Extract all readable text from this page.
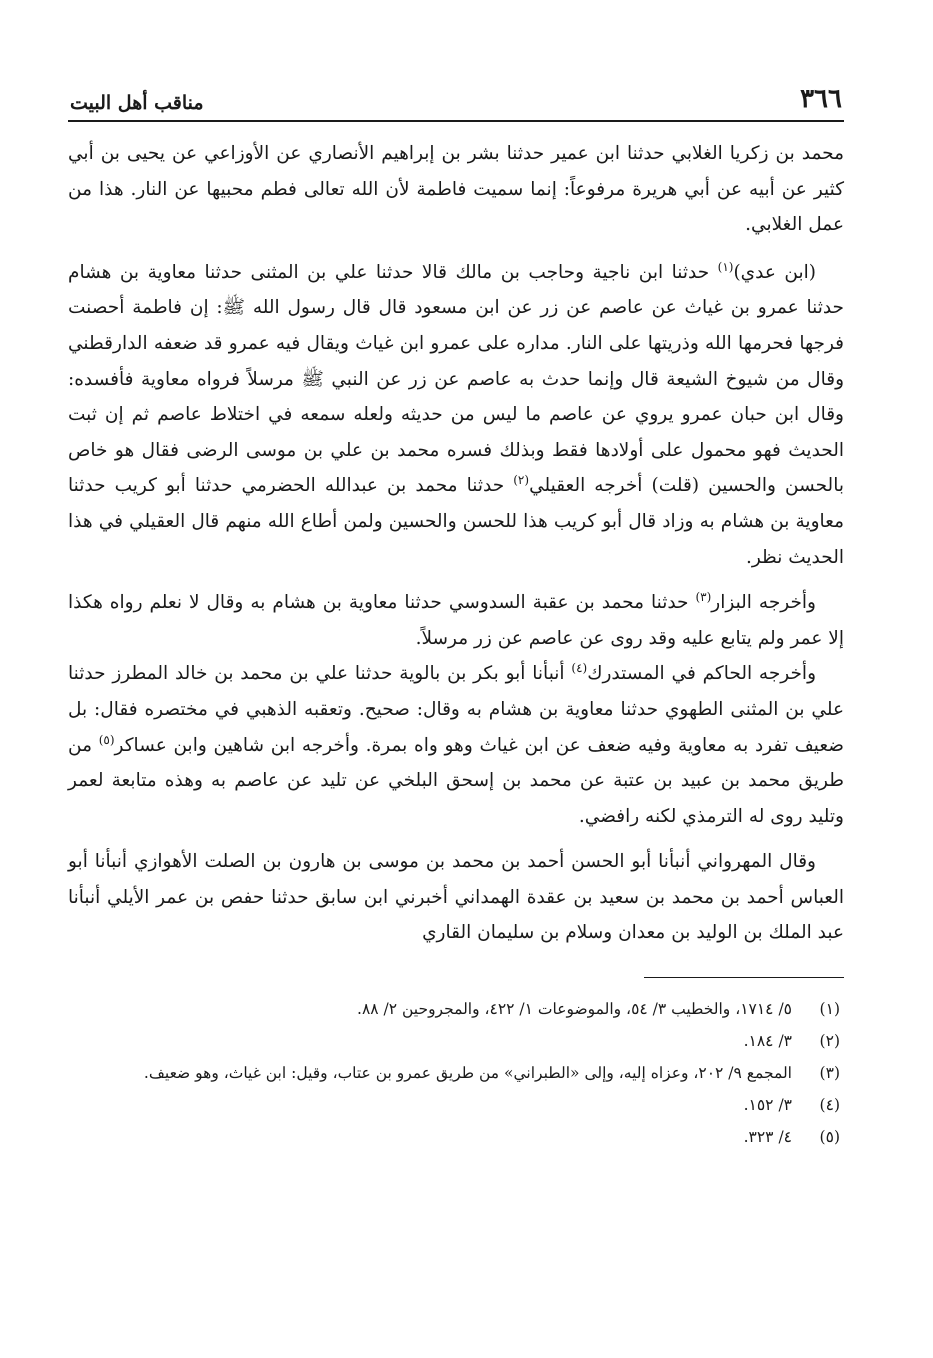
٣٦٦
مناقب أهل البيت

محمد بن زكريا الغلابي حدثنا ابن عمير حدثنا بشر بن إبراهيم الأنصاري عن الأوزاعي عن يحيى بن أبي كثير عن أبيه عن أبي هريرة مرفوعاً: إنما سميت فاطمة لأن الله تعالى فطم محبيها عن النار. هذا من عمل الغلابي.

(ابن عدي)$^{(١)}$ حدثنا ابن ناجية وحاجب بن مالك قالا حدثنا علي بن المثنى حدثنا معاوية بن هشام حدثنا عمرو بن غياث عن عاصم عن زر عن ابن مسعود قال قال رسول الله ﷺ: إن فاطمة أحصنت فرجها فحرمها الله وذريتها على النار. مداره على عمرو ابن غياث ويقال فيه عمرو قد ضعفه الدارقطني وقال من شيوخ الشيعة قال وإنما حدث به عاصم عن زر عن النبي ﷺ مرسلاً فرواه معاوية فأفسده: وقال ابن حبان عمرو يروي عن عاصم ما ليس من حديثه ولعله سمعه في اختلاط عاصم ثم إن ثبت الحديث فهو محمول على أولادها فقط وبذلك فسره محمد بن علي بن موسى الرضى فقال هو خاص بالحسن والحسين (قلت) أخرجه العقيلي$^{(٢)}$ حدثنا محمد بن عبدالله الحضرمي حدثنا أبو كريب حدثنا معاوية بن هشام به وزاد قال أبو كريب هذا للحسن والحسين ولمن أطاع الله منهم قال العقيلي في هذا الحديث نظر.

وأخرجه البزار$^{(٣)}$ حدثنا محمد بن عقبة السدوسي حدثنا معاوية بن هشام به وقال لا نعلم رواه هكذا إلا عمر ولم يتابع عليه وقد روى عن عاصم عن زر مرسلاً.

وأخرجه الحاكم في المستدرك$^{(٤)}$ أنبأنا أبو بكر بن بالوية حدثنا علي بن محمد بن خالد المطرز حدثنا علي بن المثنى الطهوي حدثنا معاوية بن هشام به وقال: صحيح. وتعقبه الذهبي في مختصره فقال: بل ضعيف تفرد به معاوية وفيه ضعف عن ابن غياث وهو واه بمرة. وأخرجه ابن شاهين وابن عساكر$^{(٥)}$ من طريق محمد بن عبيد بن عتبة عن محمد بن إسحق البلخي عن تليد عن عاصم به وهذه متابعة لعمر وتليد روى له الترمذي لكنه رافضي.

وقال المهرواني أنبأنا أبو الحسن أحمد بن محمد بن موسى بن هارون بن الصلت الأهوازي أنبأنا أبو العباس أحمد بن محمد بن سعيد بن عقدة الهمداني أخبرني ابن سابق حدثنا حفص بن عمر الأيلي أنبأنا عبد الملك بن الوليد بن معدان وسلام بن سليمان القاري

(١)
٥/ ١٧١٤، والخطيب ٣/ ٥٤، والموضوعات ١/ ٤٢٢، والمجروحين ٢/ ٨٨.
(٢)
٣/ ١٨٤.
(٣)
المجمع ٩/ ٢٠٢، وعزاه إليه، وإلى «الطبراني» من طريق عمرو بن عتاب، وقيل: ابن غياث، وهو ضعيف.
(٤)
٣/ ١٥٢.
(٥)
٤/ ٣٢٣.
